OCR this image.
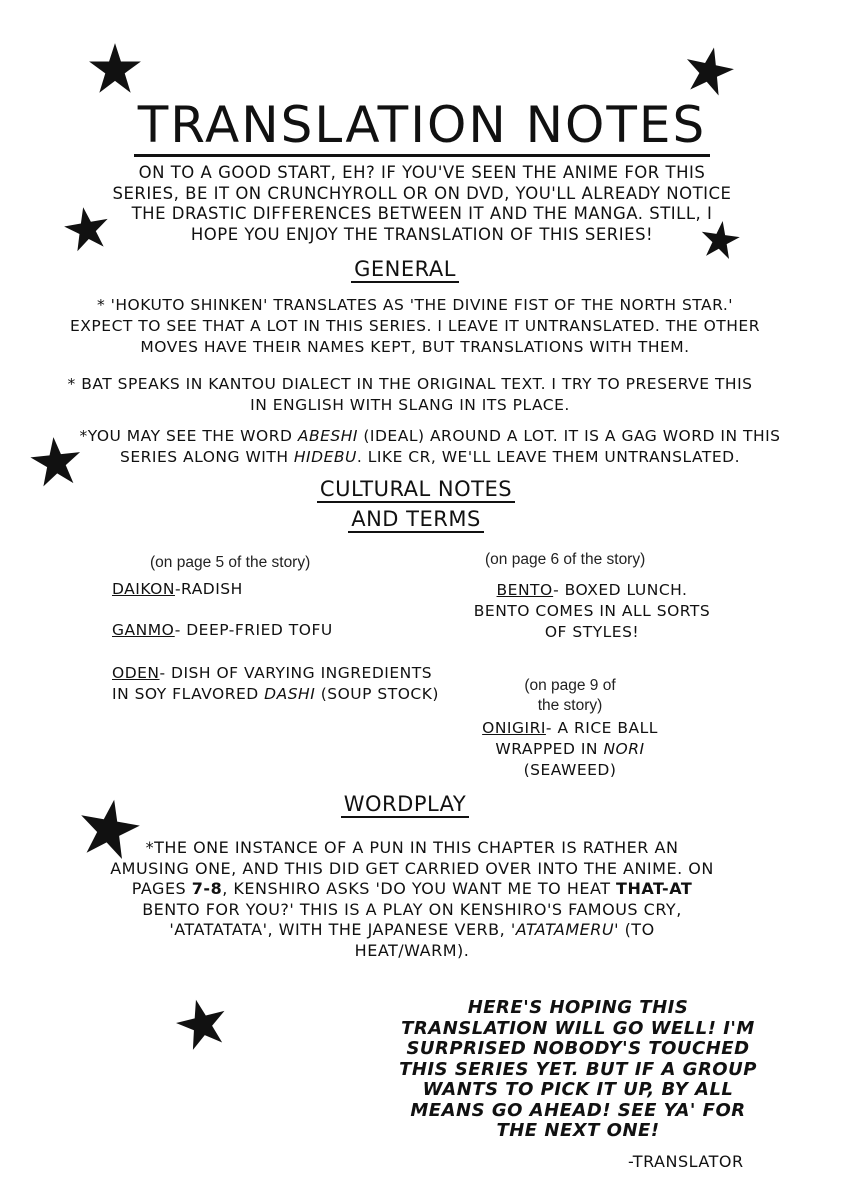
TRANSLATION NOTES
ON TO A GOOD START, EH? IF YOU'VE SEEN THE ANIME FOR THIS SERIES, BE IT ON CRUNCHYROLL OR ON DVD, YOU'LL ALREADY NOTICE THE DRASTIC DIFFERENCES BETWEEN IT AND THE MANGA. STILL, I HOPE YOU ENJOY THE TRANSLATION OF THIS SERIES!
GENERAL
* 'HOKUTO SHINKEN' TRANSLATES AS 'THE DIVINE FIST OF THE NORTH STAR.' EXPECT TO SEE THAT A LOT IN THIS SERIES. I LEAVE IT UNTRANSLATED. THE OTHER MOVES HAVE THEIR NAMES KEPT, BUT TRANSLATIONS WITH THEM.
* BAT SPEAKS IN KANTOU DIALECT IN THE ORIGINAL TEXT. I TRY TO PRESERVE THIS IN ENGLISH WITH SLANG IN ITS PLACE.
*YOU MAY SEE THE WORD ABESHI (IDEAL) AROUND A LOT. IT IS A GAG WORD IN THIS SERIES ALONG WITH HIDEBU. LIKE CR, WE'LL LEAVE THEM UNTRANSLATED.
CULTURAL NOTES
AND TERMS
(on page 5 of the story)
DAIKON-RADISH
GANMO- DEEP-FRIED TOFU
ODEN- DISH OF VARYING INGREDIENTS
IN SOY FLAVORED DASHI (SOUP STOCK)
(on page 6 of the story)
BENTO- BOXED LUNCH. BENTO COMES IN ALL SORTS OF STYLES!
(on page 9 of
the story)
ONIGIRI- A RICE BALL WRAPPED IN NORI (SEAWEED)
WORDPLAY
*THE ONE INSTANCE OF A PUN IN THIS CHAPTER IS RATHER AN AMUSING ONE, AND THIS DID GET CARRIED OVER INTO THE ANIME. ON PAGES 7-8, KENSHIRO ASKS 'DO YOU WANT ME TO HEAT THAT-AT BENTO FOR YOU?' THIS IS A PLAY ON KENSHIRO'S FAMOUS CRY, 'ATATATATA', WITH THE JAPANESE VERB, 'ATATAMERU' (TO HEAT/WARM).
HERE'S HOPING THIS TRANSLATION WILL GO WELL! I'M SURPRISED NOBODY'S TOUCHED THIS SERIES YET. BUT IF A GROUP WANTS TO PICK IT UP, BY ALL MEANS GO AHEAD! SEE YA' FOR THE NEXT ONE!
-TRANSLATOR
